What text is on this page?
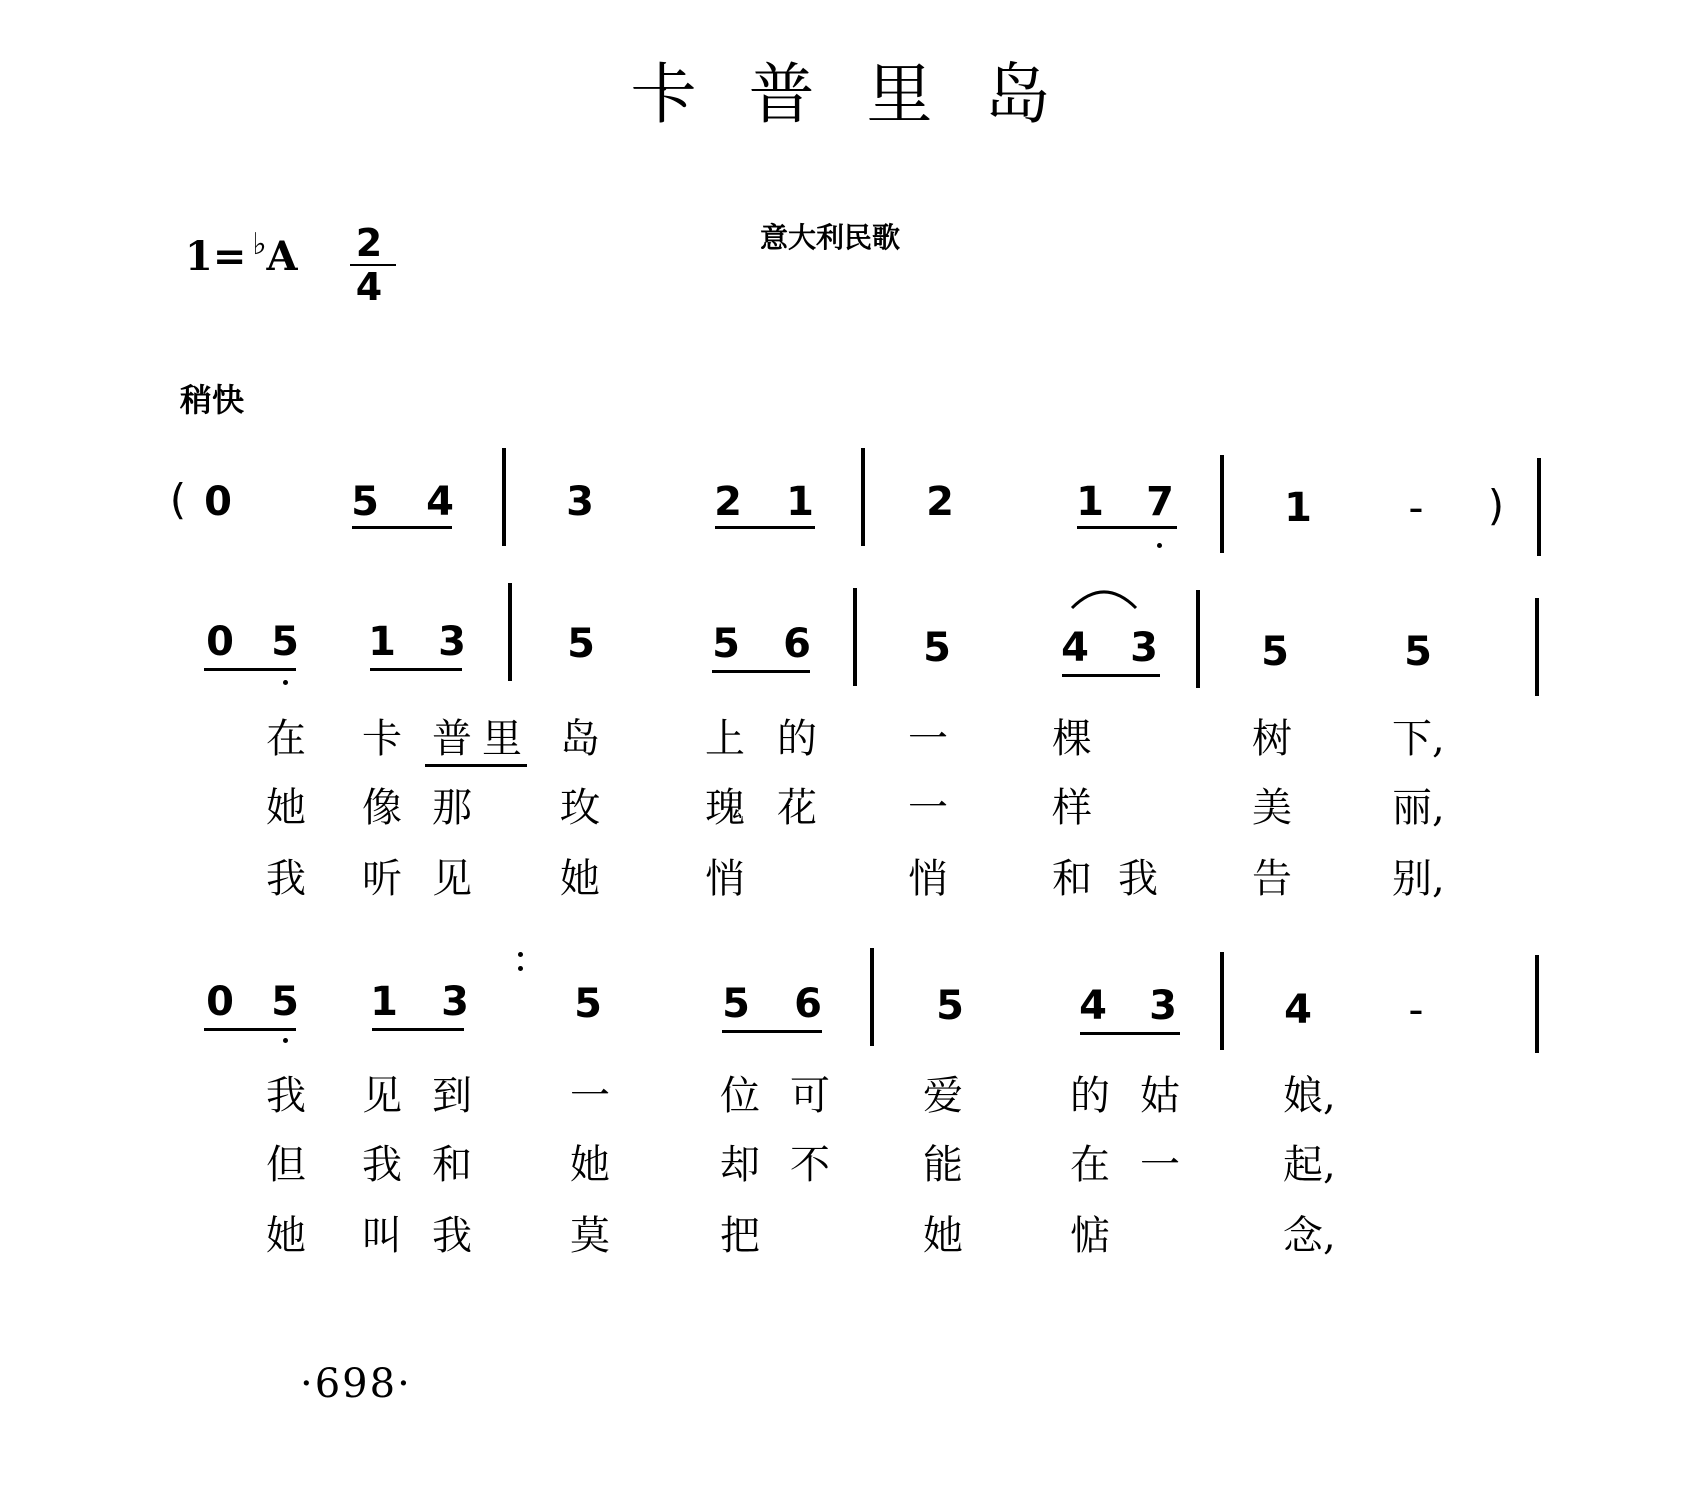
卡普里岛
1= ♭A 2
4
意大利民歌
稍快
( 0	5 4	3	2 1	2	1 7	1 - )
0 5 1 3	5	5 6	5	4 3	5	5
在 卡 普 里 岛	上 的 一	棵	树	下,
她 像 那 玫	瑰 花 一	样	美	丽,
我 听 见 她	悄	悄	和 我 告	别,
0 5 1 3	5	5 6	5	4 3	4 -
我 见 到 一	位 可 爱	的 姑	娘,
但 我 和 她	却 不 能	在 一	起,
她 叫 我 莫	把	她	惦	念,
·698·
